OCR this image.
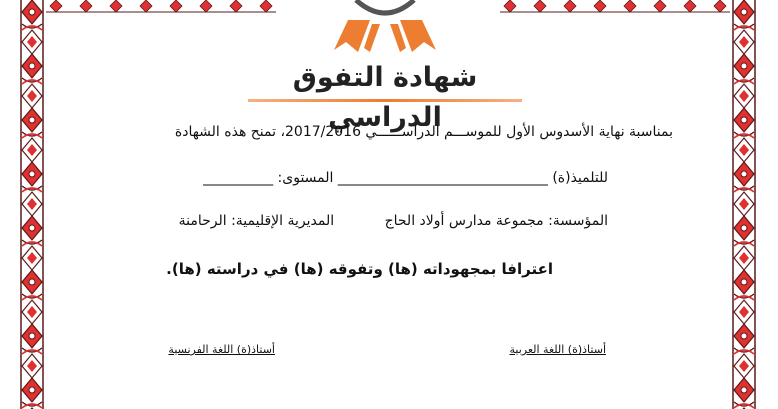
شهادة التفوق الدراسي
بمناسبة نهاية الأسدوس الأول للموســـم الدراســــــي 2017/2016، تمنح هذه الشهادة
للتلميذ(ة) ______________________________ المستوى: __________
المؤسسة: مجموعة مدارس أولاد الحاج المديرية الإقليمية: الرحامنة
اعترافا بمجهوداته (ها) وتفوقه (ها) في دراسته (ها).
أستاذ(ة) اللغة العربية
أستاذ(ة) اللغة الفرنسية
